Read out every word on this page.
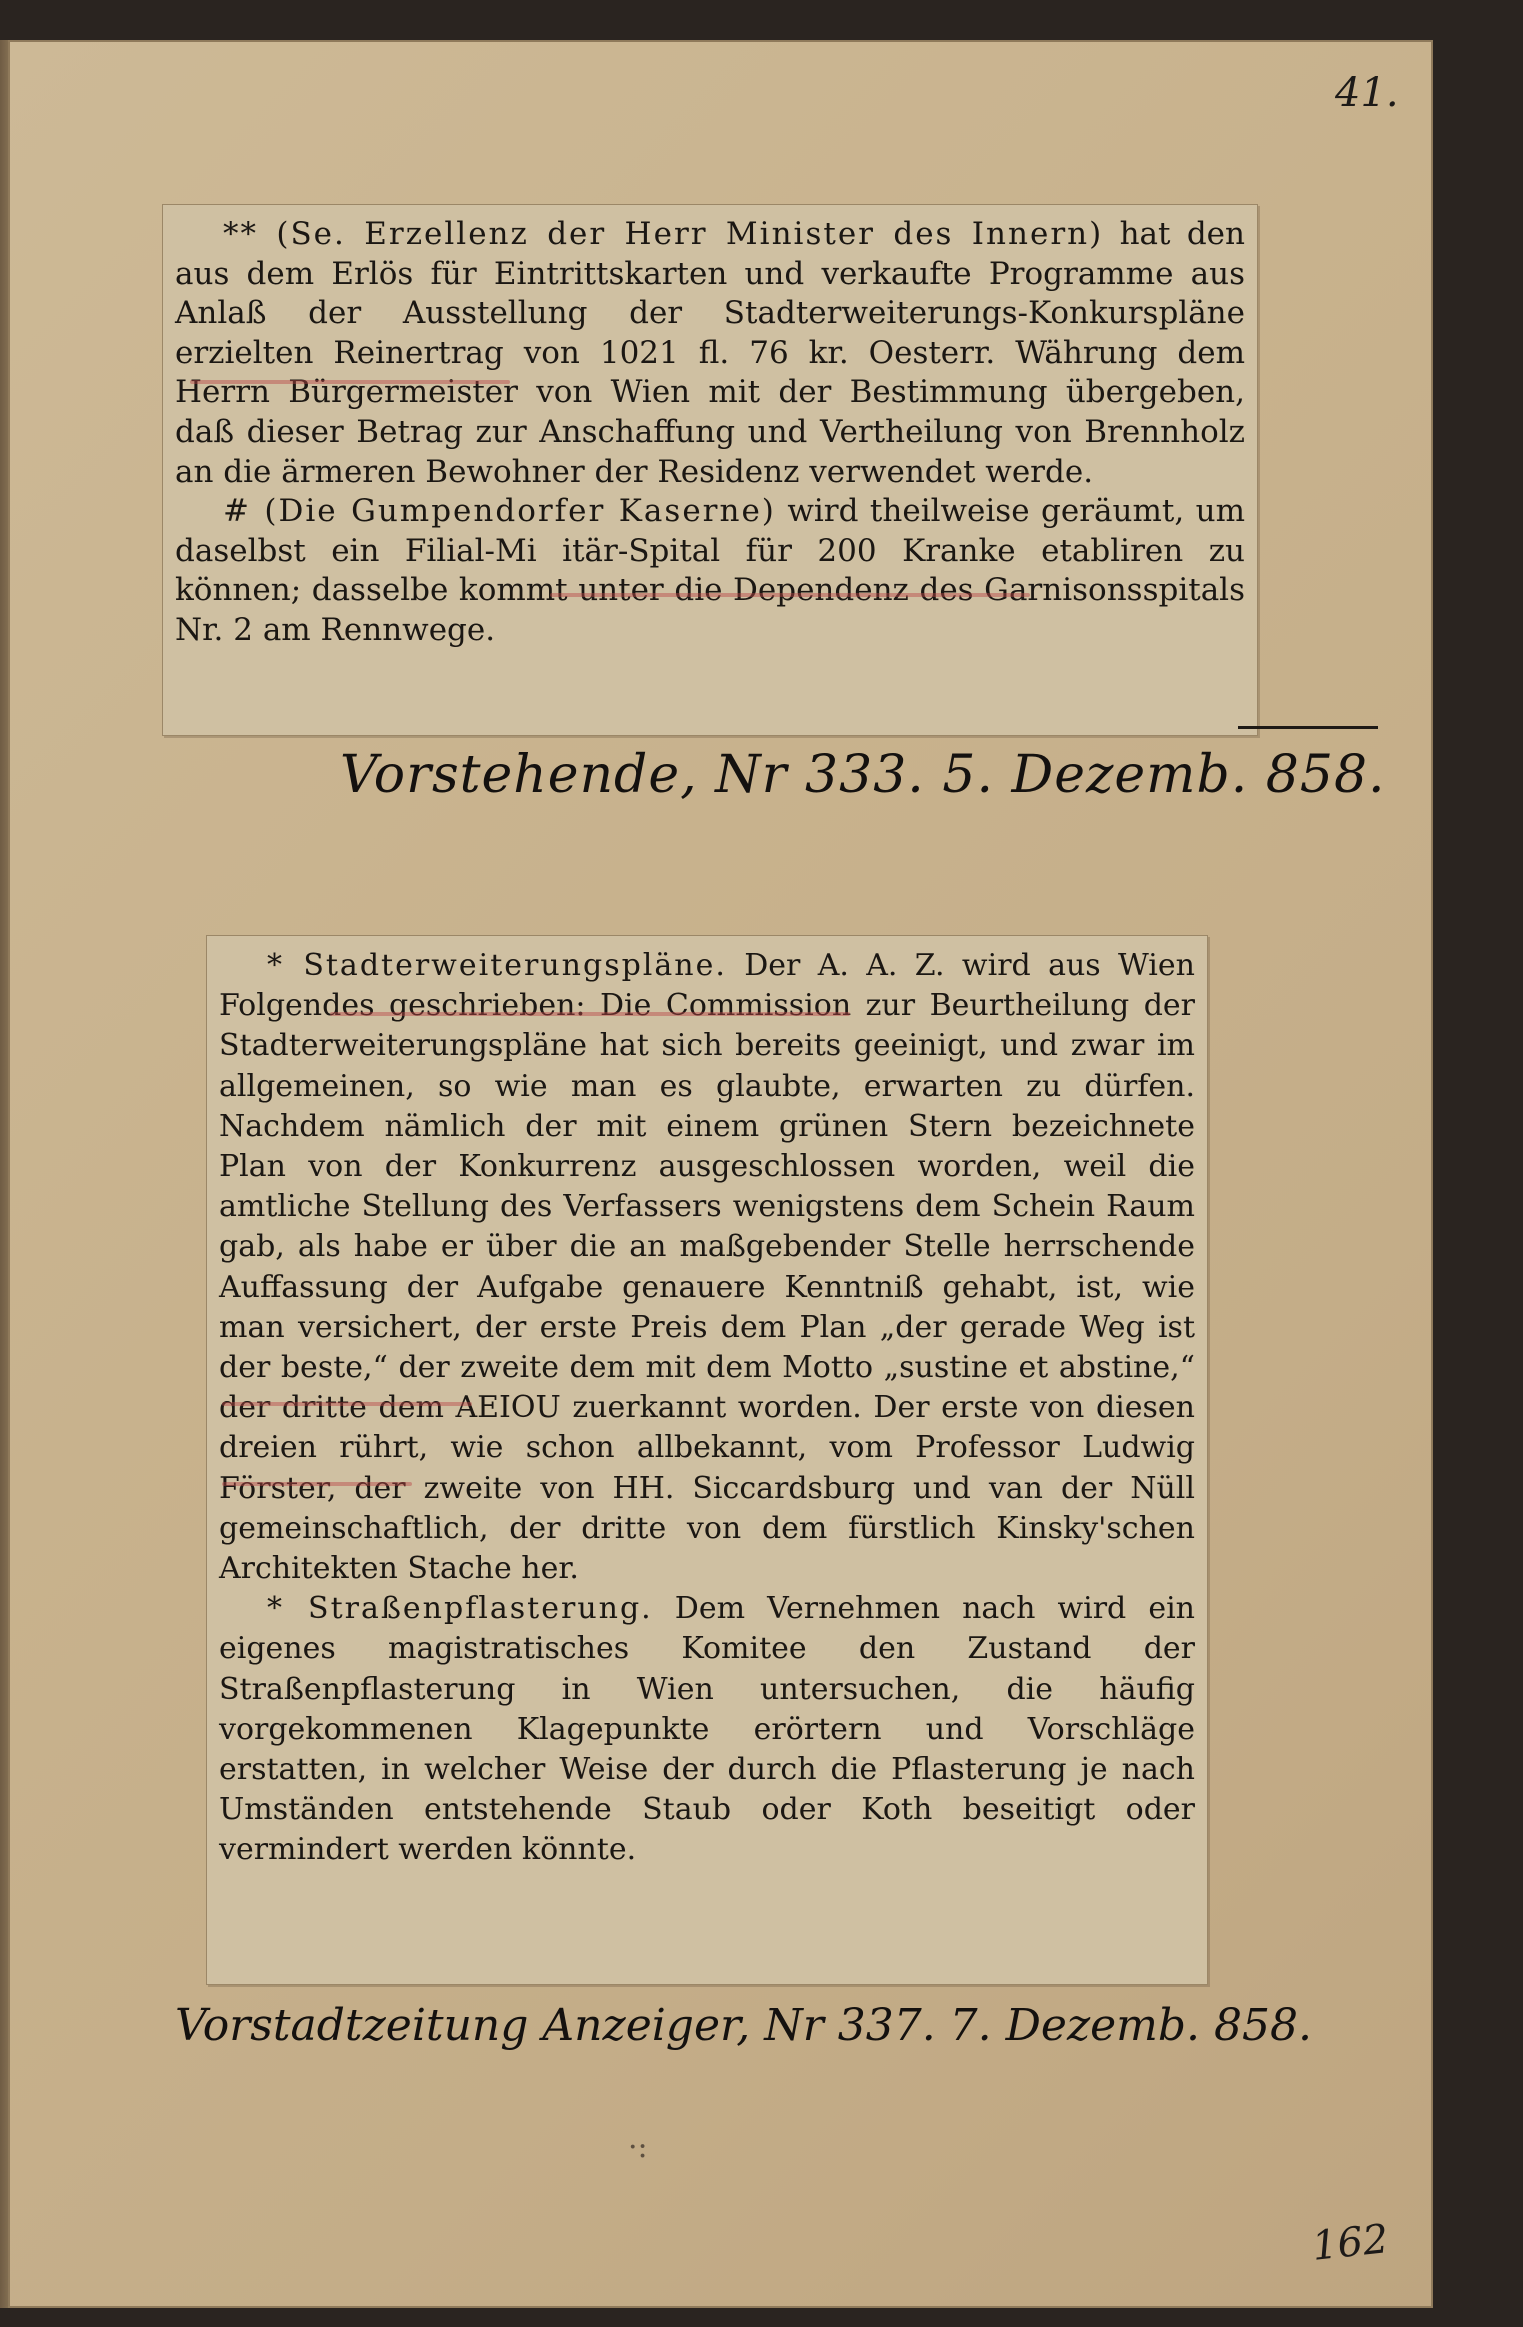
41.

** (Se. Erzellenz der Herr Minister des Innern) hat den aus dem Erlös für Eintrittskarten und verkaufte Programme aus Anlaß der Ausstellung der Stadterweiterungs-Konkurspläne erzielten Reinertrag von 1021 fl. 76 kr. Oesterr. Währung dem Herrn Bürgermeister von Wien mit der Bestimmung übergeben, daß dieser Betrag zur Anschaffung und Vertheilung von Brennholz an die ärmeren Bewohner der Residenz verwendet werde.

# (Die Gumpendorfer Kaserne) wird theilweise geräumt, um daselbst ein Filial-Mi itär-Spital für 200 Kranke etabliren zu können; dasselbe kommt unter die Dependenz des Garnisonsspitals Nr. 2 am Rennwege.

Vorstehende, Nr 333. 5. Dezemb. 858.

* Stadterweiterungspläne. Der A. A. Z. wird aus Wien Folgendes geschrieben: Die Commission zur Beurtheilung der Stadterweiterungspläne hat sich bereits geeinigt, und zwar im allgemeinen, so wie man es glaubte, erwarten zu dürfen. Nachdem nämlich der mit einem grünen Stern bezeichnete Plan von der Konkurrenz ausgeschlossen worden, weil die amtliche Stellung des Verfassers wenigstens dem Schein Raum gab, als habe er über die an maßgebender Stelle herrschende Auffassung der Aufgabe genauere Kenntniß gehabt, ist, wie man versichert, der erste Preis dem Plan „der gerade Weg ist der beste,“ der zweite dem mit dem Motto „sustine et abstine,“ der dritte dem AEIOU zuerkannt worden. Der erste von diesen dreien rührt, wie schon allbekannt, vom Professor Ludwig Förster, der zweite von HH. Siccardsburg und van der Nüll gemeinschaftlich, der dritte von dem fürstlich Kinsky'schen Architekten Stache her.

* Straßenpflasterung. Dem Vernehmen nach wird ein eigenes magistratisches Komitee den Zustand der Straßenpflasterung in Wien untersuchen, die häufig vorgekommenen Klagepunkte erörtern und Vorschläge erstatten, in welcher Weise der durch die Pflasterung je nach Umständen entstehende Staub oder Koth beseitigt oder vermindert werden könnte.

·:
Vorstadtzeitung Anzeiger, Nr 337. 7. Dezemb. 858.
162
